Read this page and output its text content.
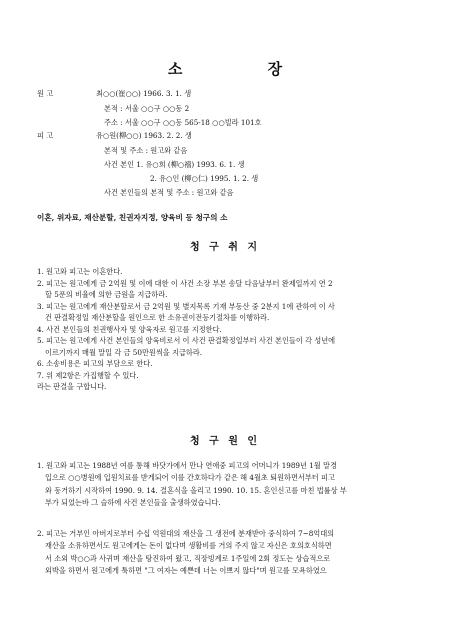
소 장
원 고	최○○(崔○○) 1966. 3. 1. 생
본적 : 서울 ○○구 ○○동 2
주소 : 서울 ○○구 ○○동 565-18 ○○빌라 101호
피 고	유○원(柳○○) 1963. 2. 2. 생
본적 및 주소 : 원고와 같음
사건 본인 1. 유○희 (柳○禧) 1993. 6. 1. 생
2. 유○인 (柳○仁) 1995. 1. 2. 생
사건 본인들의 본적 및 주소 : 원고와 같음
이혼, 위자료, 재산분할, 친권자지정, 양육비 등 청구의 소
청 구 취 지
1. 원고와 피고는 이혼한다.
2. 피고는 원고에게 금 2억원 및 이에 대한 이 사건 소장 부본 송달 다음날부터 완제일까지 연 2
할 5푼의 비율에 의한 금원을 지급하라.
3. 피고는 원고에게 재산분할로서 금 2억원 및 별지목록 기재 부동산 중 2분지 1에 관하여 이 사
건 판결확정일 재산분할을 원인으로 한 소유권이전등기절차를 이행하라.
4. 사건 본인들의 친권행사자 및 양육자로 원고를 지정한다.
5. 피고는 원고에게 사건 본인들의 양육비로서 이 사건 판결확정일부터 사건 본인들이 각 성년에
이르기까지 매월 말일 각 금 50만원씩을 지급하라.
6. 소송비용은 피고의 부담으로 한다.
7. 위 제2항은 가집행할 수 있다.
라는 판결을 구합니다.
청 구 원 인
1. 원고와 피고는 1988년 여름 통해 바닷가에서 만나 연애중 피고의 어머니가 1989년 1월 말경
입으로 ○○병원에 입원치료를 받게되어 이를 간호하다가 같은 해 4월초 퇴원하면서부터 피고
와 동거하기 시작하여 1990. 9. 14. 결혼식을 올리고 1990. 10. 15. 혼인신고를 마친 법률상 부
부가 되었는바 그 슬하에 사건 본인들을 출생하였습니다.
2. 피고는 거부인 아버지로부터 수십 억원대의 재산을 그 생전에 분재받아 중식하여 7~8억대의
재산을 소유하면서도 원고에게는 돈이 없다며 생활비를 거의 주지 않고 자신은 호의호식하면
서 소외 박○○과 사귀며 재산을 탕진하여 왔고, 직장빙계로 1주일에 2회 정도는 상습적으로
외박을 하면서 원고에게 툭하면 "그 여자는 예쁜데 너는 이쁘지 않다"며 원고를 모욕하였으
